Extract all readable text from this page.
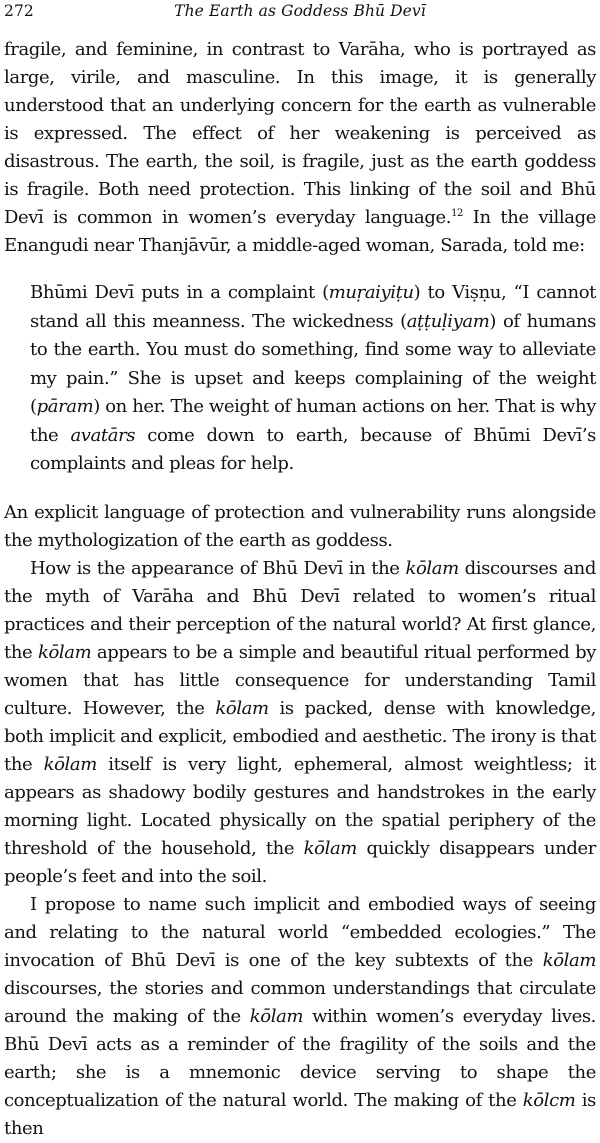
272	The Earth as Goddess Bhū Devī

fragile, and feminine, in contrast to Varāha, who is portrayed as large, virile, and masculine. In this image, it is generally understood that an underlying concern for the earth as vulnerable is expressed. The effect of her weakening is perceived as disastrous. The earth, the soil, is fragile, just as the earth goddess is fragile. Both need protection. This linking of the soil and Bhū Devī is common in women’s everyday language.$^{12}$ In the village Enangudi near Thanjāvūr, a middle-aged woman, Sarada, told me:

Bhūmi Devī puts in a complaint (muṛaiyiṭu) to Viṣṇu, “I cannot stand all this meanness. The wickedness (aṭṭuḷiyam) of humans to the earth. You must do something, find some way to alleviate my pain.” She is upset and keeps complaining of the weight (pāram) on her. The weight of human actions on her. That is why the avatārs come down to earth, because of Bhūmi Devī’s complaints and pleas for help.

An explicit language of protection and vulnerability runs alongside the mythologization of the earth as goddess.

How is the appearance of Bhū Devī in the kōlam discourses and the myth of Varāha and Bhū Devī related to women’s ritual practices and their perception of the natural world? At first glance, the kōlam appears to be a simple and beautiful ritual performed by women that has little consequence for understanding Tamil culture. However, the kōlam is packed, dense with knowledge, both implicit and explicit, embodied and aesthetic. The irony is that the kōlam itself is very light, ephemeral, almost weightless; it appears as shadowy bodily gestures and handstrokes in the early morning light. Located physically on the spatial periphery of the threshold of the household, the kōlam quickly disappears under people’s feet and into the soil.

I propose to name such implicit and embodied ways of seeing and relating to the natural world “embedded ecologies.” The invocation of Bhū Devī is one of the key subtexts of the kōlam discourses, the stories and common understandings that circulate around the making of the kōlam within women’s everyday lives. Bhū Devī acts as a reminder of the fragility of the soils and the earth; she is a mnemonic device serving to shape the conceptualization of the natural world. The making of the kōlcm is then
